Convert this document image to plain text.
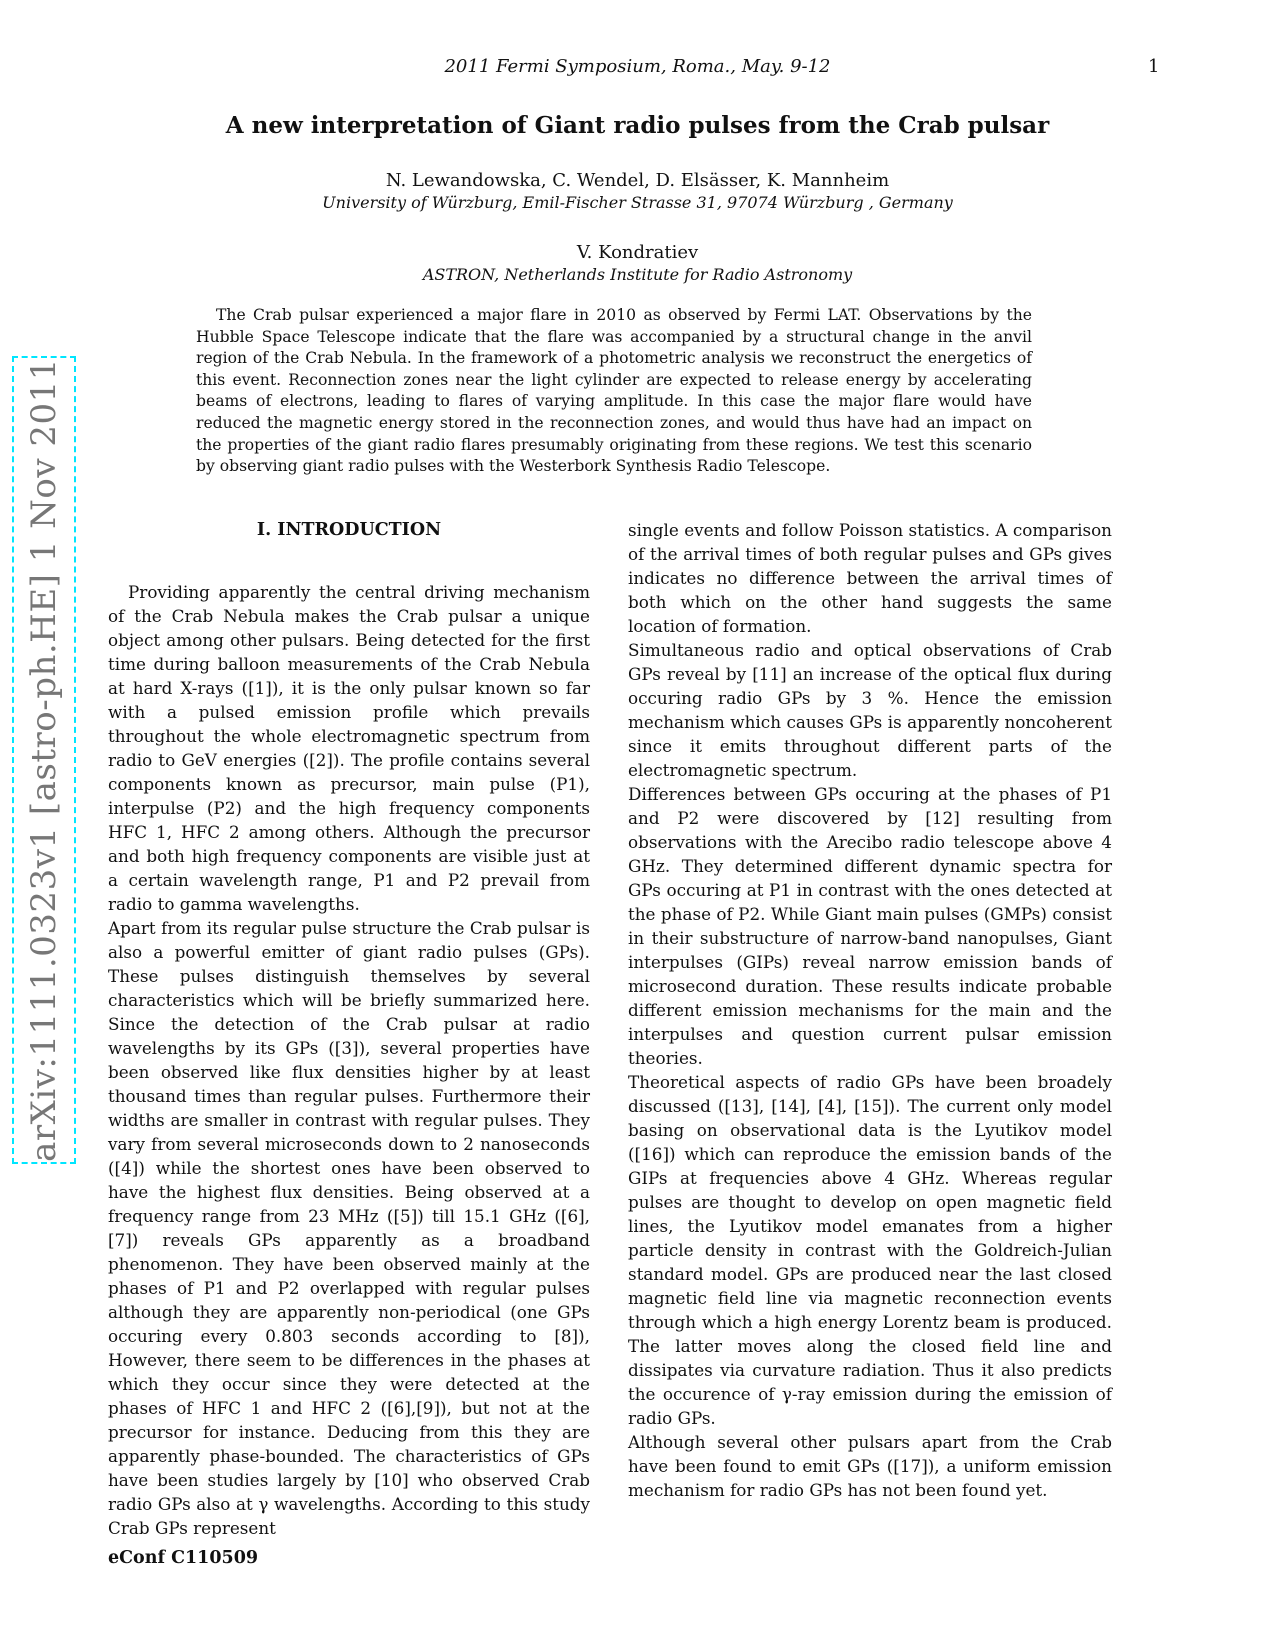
2011 Fermi Symposium, Roma., May. 9-12	1
A new interpretation of Giant radio pulses from the Crab pulsar
N. Lewandowska, C. Wendel, D. Elsässer, K. Mannheim
University of Würzburg, Emil-Fischer Strasse 31, 97074 Würzburg , Germany
V. Kondratiev
ASTRON, Netherlands Institute for Radio Astronomy

The Crab pulsar experienced a major flare in 2010 as observed by Fermi LAT. Observations by the Hubble Space Telescope indicate that the flare was accompanied by a structural change in the anvil region of the Crab Nebula. In the framework of a photometric analysis we reconstruct the energetics of this event. Reconnection zones near the light cylinder are expected to release energy by accelerating beams of electrons, leading to flares of varying amplitude. In this case the major flare would have reduced the magnetic energy stored in the reconnection zones, and would thus have had an impact on the properties of the giant radio flares presumably originating from these regions. We test this scenario by observing giant radio pulses with the Westerbork Synthesis Radio Telescope.

arXiv:1111.0323v1 [astro-ph.HE] 1 Nov 2011	I. INTRODUCTION

Providing apparently the central driving mechanism of the Crab Nebula makes the Crab pulsar a unique object among other pulsars. Being detected for the first time during balloon measurements of the Crab Nebula at hard X-rays ([1]), it is the only pulsar known so far with a pulsed emission profile which prevails throughout the whole electromagnetic spectrum from radio to GeV energies ([2]). The profile contains several components known as precursor, main pulse (P1), interpulse (P2) and the high frequency components HFC 1, HFC 2 among others. Although the precursor and both high frequency components are visible just at a certain wavelength range, P1 and P2 prevail from radio to gamma wavelengths.

Apart from its regular pulse structure the Crab pulsar is also a powerful emitter of giant radio pulses (GPs). These pulses distinguish themselves by several characteristics which will be briefly summarized here. Since the detection of the Crab pulsar at radio wavelengths by its GPs ([3]), several properties have been observed like flux densities higher by at least thousand times than regular pulses. Furthermore their widths are smaller in contrast with regular pulses. They vary from several microseconds down to 2 nanoseconds ([4]) while the shortest ones have been observed to have the highest flux densities. Being observed at a frequency range from 23 MHz ([5]) till 15.1 GHz ([6], [7]) reveals GPs apparently as a broadband phenomenon. They have been observed mainly at the phases of P1 and P2 overlapped with regular pulses although they are apparently non-periodical (one GPs occuring every 0.803 seconds according to [8]), However, there seem to be differences in the phases at which they occur since they were detected at the phases of HFC 1 and HFC 2 ([6],[9]), but not at the precursor for instance. Deducing from this they are apparently phase-bounded. The characteristics of GPs have been studies largely by [10] who observed Crab radio GPs also at γ wavelengths. According to this study Crab GPs represent

single events and follow Poisson statistics. A comparison of the arrival times of both regular pulses and GPs gives indicates no difference between the arrival times of both which on the other hand suggests the same location of formation.

Simultaneous radio and optical observations of Crab GPs reveal by [11] an increase of the optical flux during occuring radio GPs by 3 %. Hence the emission mechanism which causes GPs is apparently noncoherent since it emits throughout different parts of the electromagnetic spectrum.

Differences between GPs occuring at the phases of P1 and P2 were discovered by [12] resulting from observations with the Arecibo radio telescope above 4 GHz. They determined different dynamic spectra for GPs occuring at P1 in contrast with the ones detected at the phase of P2. While Giant main pulses (GMPs) consist in their substructure of narrow-band nanopulses, Giant interpulses (GIPs) reveal narrow emission bands of microsecond duration. These results indicate probable different emission mechanisms for the main and the interpulses and question current pulsar emission theories.

Theoretical aspects of radio GPs have been broadely discussed ([13], [14], [4], [15]). The current only model basing on observational data is the Lyutikov model ([16]) which can reproduce the emission bands of the GIPs at frequencies above 4 GHz. Whereas regular pulses are thought to develop on open magnetic field lines, the Lyutikov model emanates from a higher particle density in contrast with the Goldreich-Julian standard model. GPs are produced near the last closed magnetic field line via magnetic reconnection events through which a high energy Lorentz beam is produced. The latter moves along the closed field line and dissipates via curvature radiation. Thus it also predicts the occurence of γ-ray emission during the emission of radio GPs.

Although several other pulsars apart from the Crab have been found to emit GPs ([17]), a uniform emission mechanism for radio GPs has not been found yet.

eConf C110509
